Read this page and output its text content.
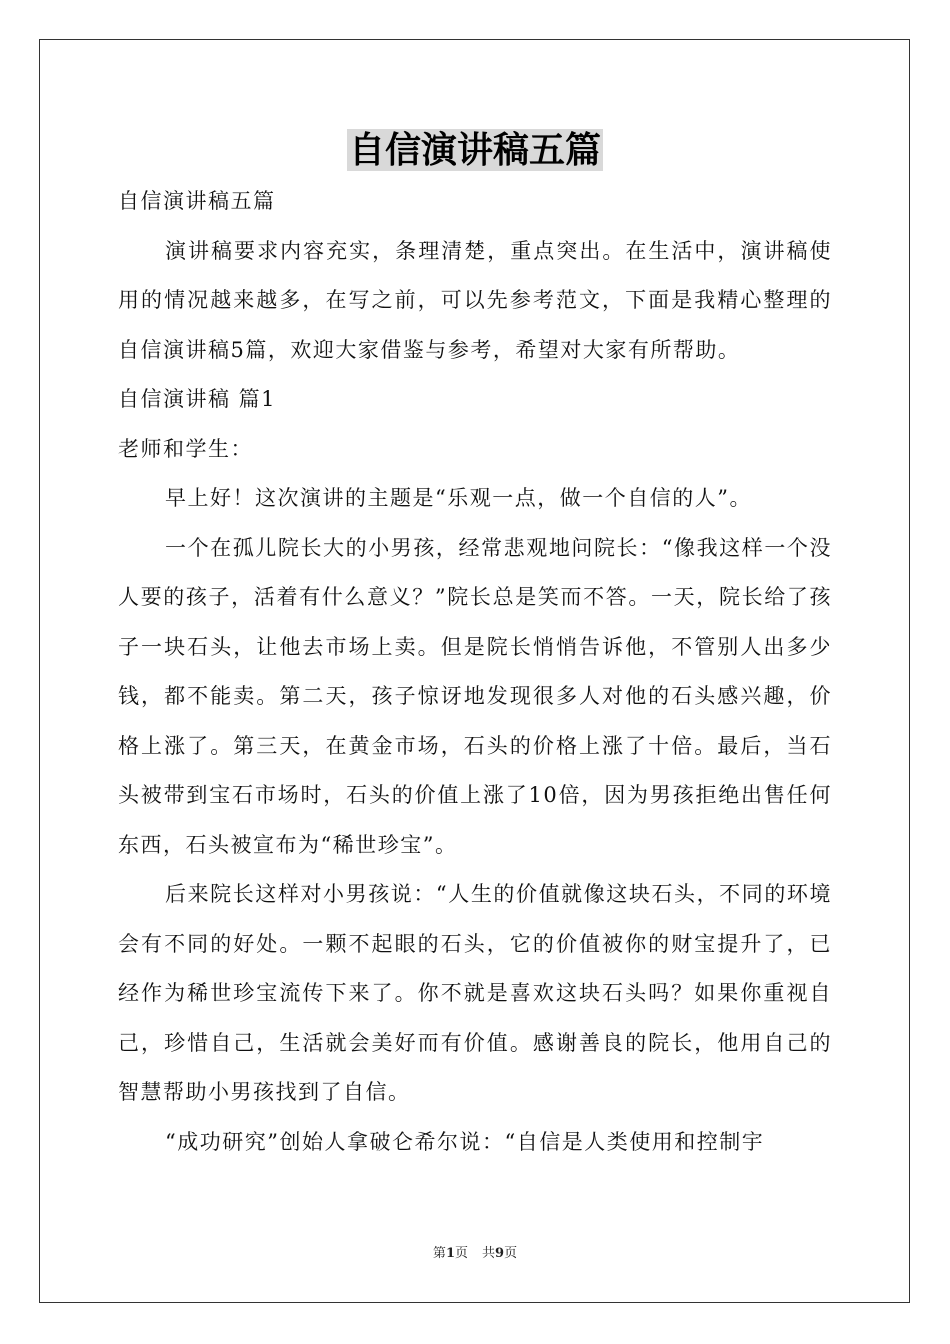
自信演讲稿五篇

自信演讲稿五篇

演讲稿要求内容充实，条理清楚，重点突出。在生活中，演讲稿使用的情况越来越多，在写之前，可以先参考范文，下面是我精心整理的自信演讲稿5篇，欢迎大家借鉴与参考，希望对大家有所帮助。

自信演讲稿 篇1

老师和学生：

早上好！这次演讲的主题是“乐观一点，做一个自信的人”。

一个在孤儿院长大的小男孩，经常悲观地问院长：“像我这样一个没人要的孩子，活着有什么意义？”院长总是笑而不答。一天，院长给了孩子一块石头，让他去市场上卖。但是院长悄悄告诉他，不管别人出多少钱，都不能卖。第二天，孩子惊讶地发现很多人对他的石头感兴趣，价格上涨了。第三天，在黄金市场，石头的价格上涨了十倍。最后，当石头被带到宝石市场时，石头的价值上涨了10倍，因为男孩拒绝出售任何东西，石头被宣布为“稀世珍宝”。

后来院长这样对小男孩说：“人生的价值就像这块石头，不同的环境会有不同的好处。一颗不起眼的石头，它的价值被你的财宝提升了，已经作为稀世珍宝流传下来了。你不就是喜欢这块石头吗？如果你重视自己，珍惜自己，生活就会美好而有价值。感谢善良的院长，他用自己的智慧帮助小男孩找到了自信。

“成功研究”创始人拿破仑希尔说：“自信是人类使用和控制宇

第1页 共9页
